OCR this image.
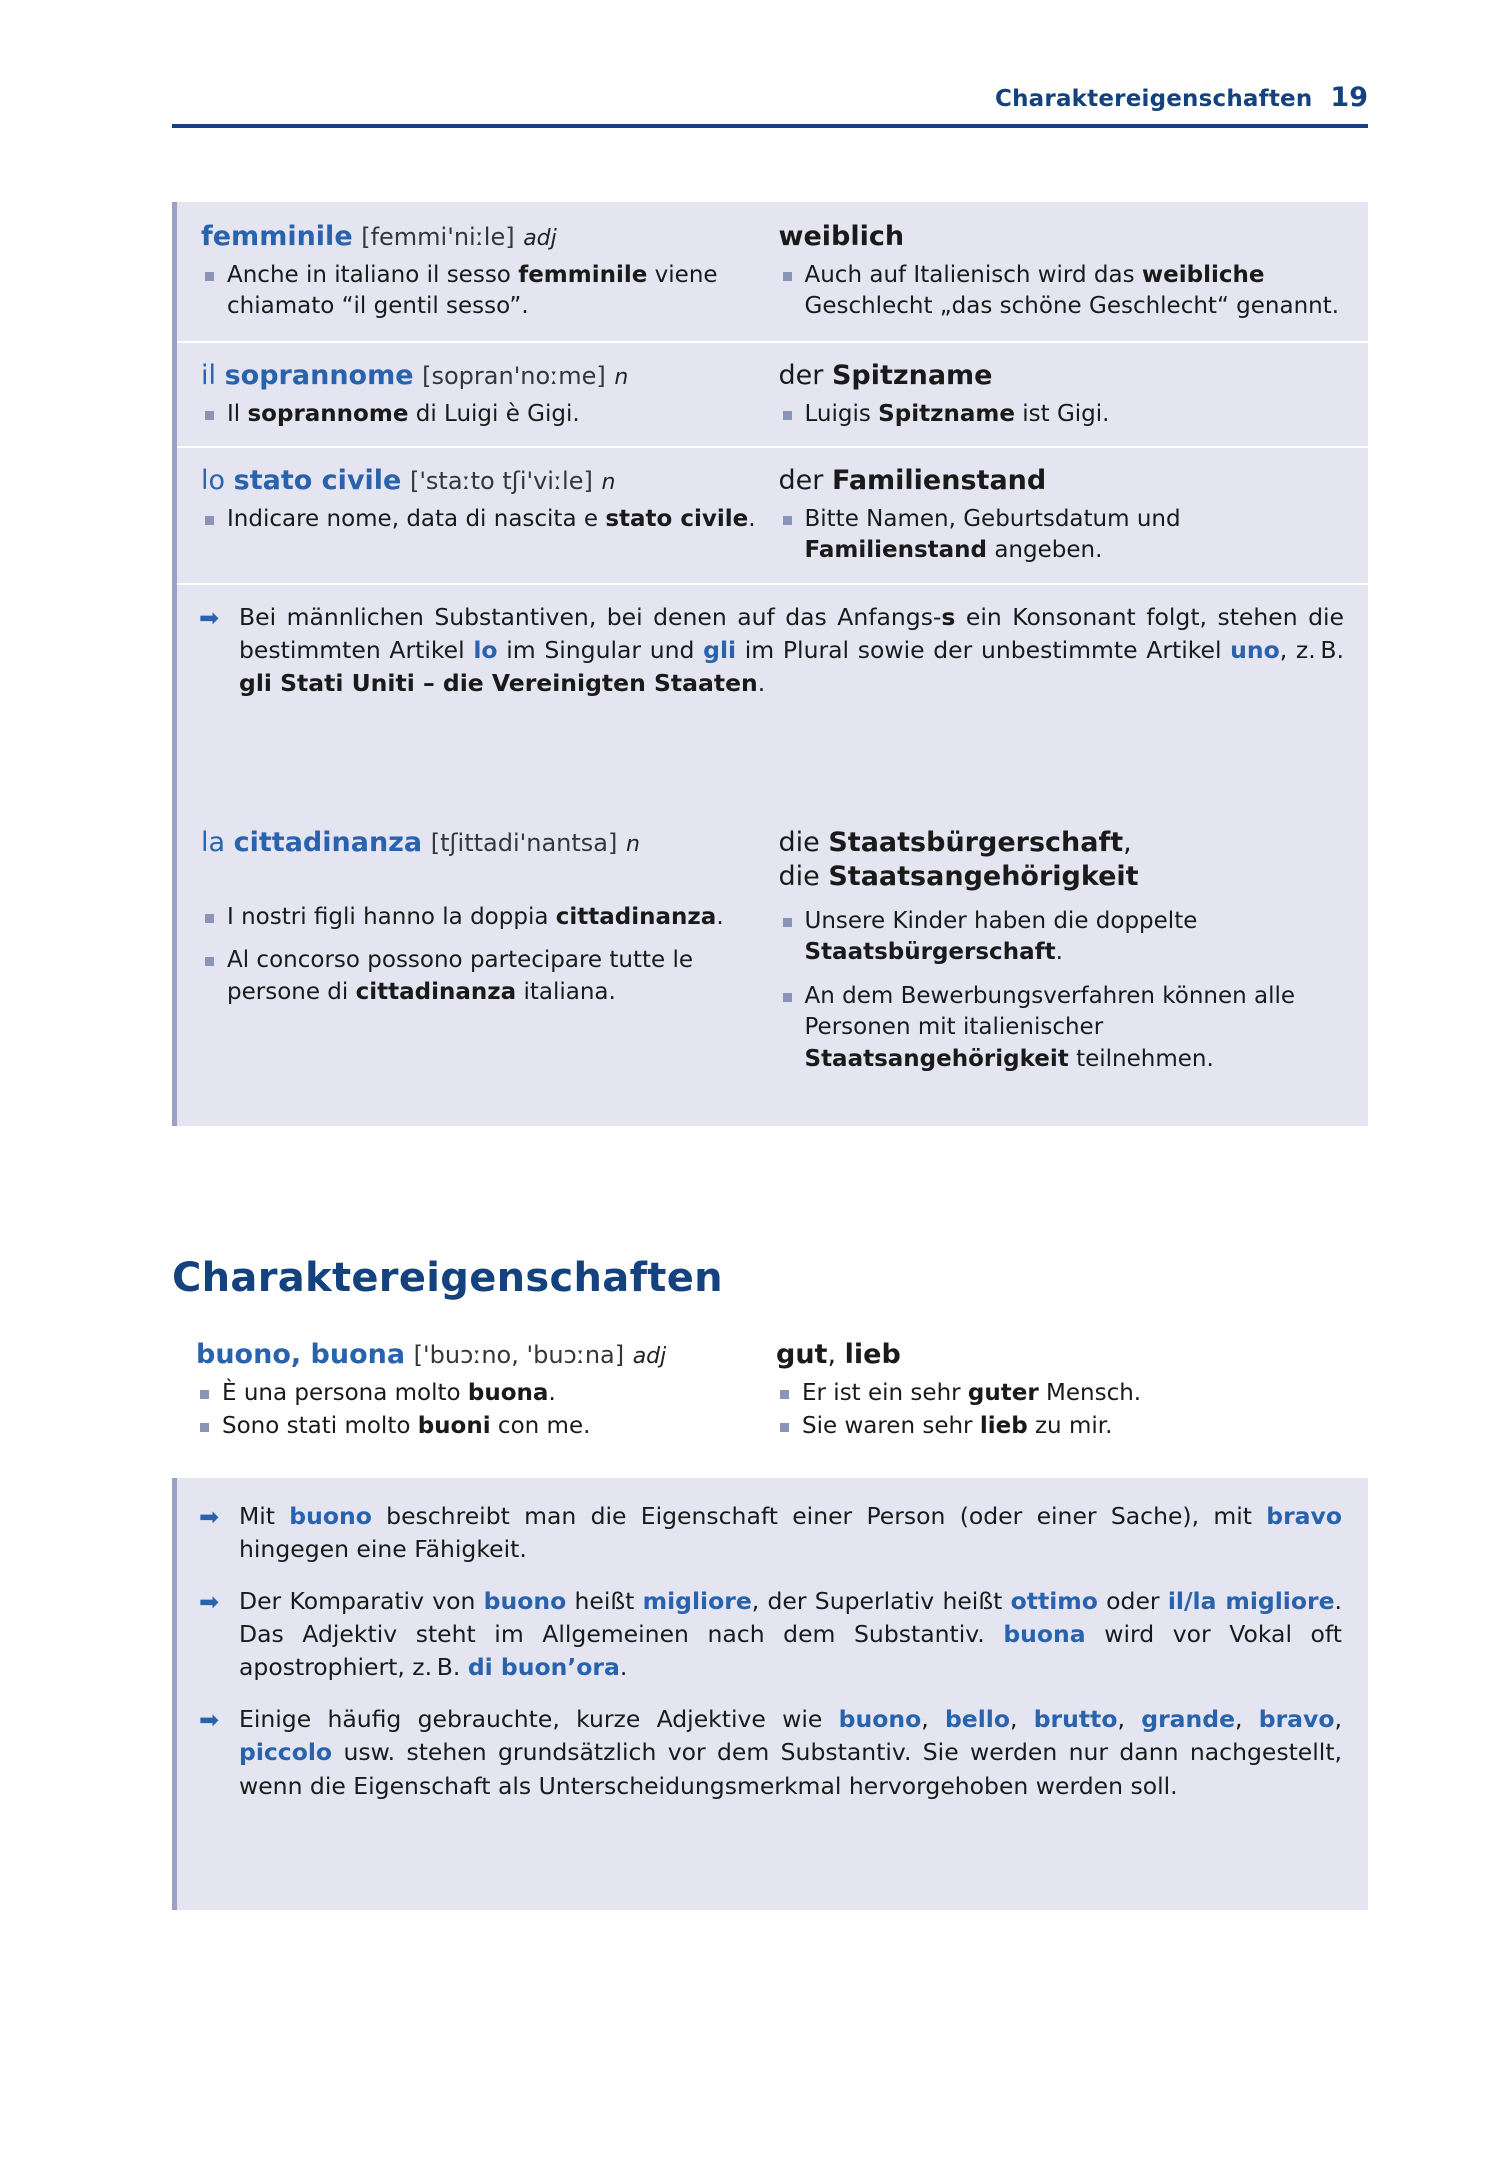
Charaktereigenschaften 19
femminile [femmi'niːle] adj
Anche in italiano il sesso femminile viene chiamato “il gentil sesso”.
weiblich
Auch auf Italienisch wird das weibliche Geschlecht „das schöne Geschlecht“ genannt.
il soprannome [sopran'noːme] n
Il soprannome di Luigi è Gigi.
der Spitzname
Luigis Spitzname ist Gigi.
lo stato civile ['staːto tʃi'viːle] n
Indicare nome, data di nascita e stato civile.
der Familienstand
Bitte Namen, Geburtsdatum und Familienstand angeben.
➡ Bei männlichen Substantiven, bei denen auf das Anfangs-s ein Konsonant folgt, stehen die bestimmten Artikel lo im Singular und gli im Plural sowie der unbestimmte Artikel uno, z. B. gli Stati Uniti – die Vereinigten Staaten.
la cittadinanza [tʃittadi'nantsa] n
I nostri figli hanno la doppia cittadinanza.
Al concorso possono partecipare tutte le persone di cittadinanza italiana.
die Staatsbürgerschaft,
die Staatsangehörigkeit
Unsere Kinder haben die doppelte Staatsbürgerschaft.
An dem Bewerbungsverfahren können alle Personen mit italienischer Staatsangehörigkeit teilnehmen.
Charaktereigenschaften
buono, buona ['buɔːno, 'buɔːna] adj
È una persona molto buona.
Sono stati molto buoni con me.
gut, lieb
Er ist ein sehr guter Mensch.
Sie waren sehr lieb zu mir.
➡ Mit buono beschreibt man die Eigenschaft einer Person (oder einer Sache), mit bravo hingegen eine Fähigkeit.
➡ Der Komparativ von buono heißt migliore, der Superlativ heißt ottimo oder il/la migliore. Das Adjektiv steht im Allgemeinen nach dem Substantiv. buona wird vor Vokal oft apostrophiert, z. B. di buon’ora.
➡ Einige häufig gebrauchte, kurze Adjektive wie buono, bello, brutto, grande, bravo, piccolo usw. stehen grundsätzlich vor dem Substantiv. Sie werden nur dann nachgestellt, wenn die Eigenschaft als Unterscheidungsmerkmal hervorgehoben werden soll.
